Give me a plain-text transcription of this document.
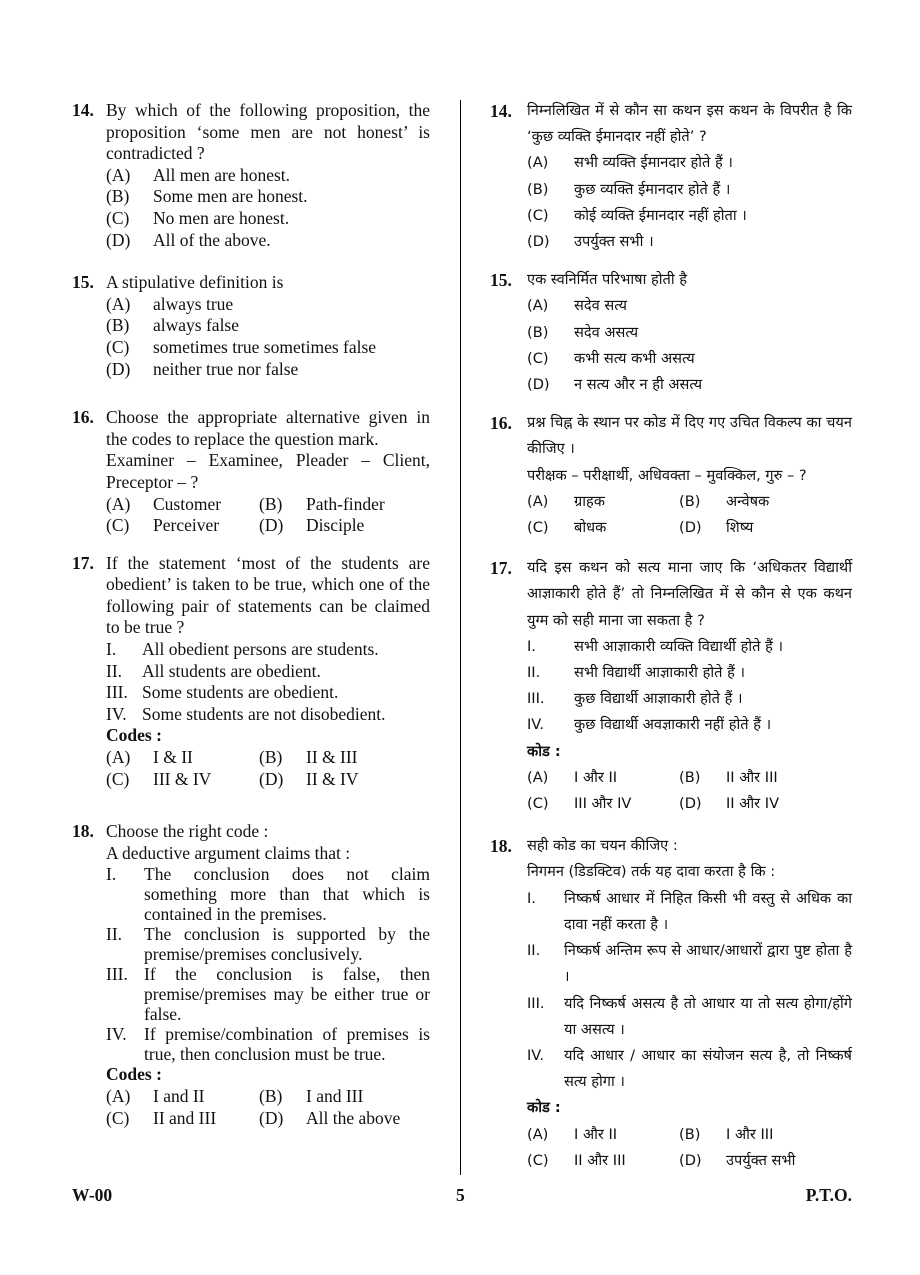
14. By which of the following proposition, the proposition ‘some men are not honest’ is contradicted ?
(A)	All men are honest.
(B)	Some men are honest.
(C)	No men are honest.
(D)	All of the above.
15. A stipulative definition is
(A)	always true
(B)	always false
(C)	sometimes true sometimes false
(D)	neither true nor false
16. Choose the appropriate alternative given in the codes to replace the question mark.
Examiner – Examinee, Pleader – Client, Preceptor – ?
(A)	Customer (B)	Path-finder
(C)	Perceiver (D)	Disciple
17. If the statement ‘most of the students are obedient’ is taken to be true, which one of the following pair of statements can be claimed to be true ?
I.	All obedient persons are students.
II.	All students are obedient.
III. Some students are obedient.
IV. Some students are not disobedient.
Codes :
(A)	I & II	(B)	II & III
(C)	III & IV	(D)	II & IV
18. Choose the right code :
A deductive argument claims that :
I.	The conclusion does not claim something more than that which is contained in the premises.
II.	The conclusion is supported by the premise/premises conclusively.
III. If the conclusion is false, then premise/premises may be either true or false.
IV. If premise/combination of premises is true, then conclusion must be true.
Codes :
(A)	I and II	(B)	I and III
(C)	II and III (D)	All the above
14.	निम्नलिखित में से कौन सा कथन इस कथन के विपरीत है कि ‘कुछ व्यक्ति ईमानदार नहीं होते’ ?
(A)	सभी व्यक्ति ईमानदार होते हैं ।
(B)	कुछ व्यक्ति ईमानदार होते हैं ।
(C)	कोई व्यक्ति ईमानदार नहीं होता ।
(D)	उपर्युक्त सभी ।
15.	एक स्वनिर्मित परिभाषा होती है
(A)	सदेव सत्य
(B)	सदेव असत्य
(C)	कभी सत्य कभी असत्य
(D)	न सत्य और न ही असत्य
16.	प्रश्न चिह्न के स्थान पर कोड में दिए गए उचित विकल्प का चयन कीजिए ।
परीक्षक – परीक्षार्थी, अधिवक्ता – मुवक्किल, गुरु – ?
(A)	ग्राहक	(B)	अन्वेषक
(C)	बोधक	(D)	शिष्य
17.	यदि इस कथन को सत्य माना जाए कि ‘अधिकतर विद्यार्थी आज्ञाकारी होते हैं’ तो निम्नलिखित में से कौन से एक कथन युग्म को सही माना जा सकता है ?
I.	सभी आज्ञाकारी व्यक्ति विद्यार्थी होते हैं ।
II.	सभी विद्यार्थी आज्ञाकारी होते हैं ।
III.	कुछ विद्यार्थी आज्ञाकारी होते हैं ।
IV.	कुछ विद्यार्थी अवज्ञाकारी नहीं होते हैं ।
कोड :
(A)	I और II	(B)	II और III
(C)	III और IV	(D)	II और IV
18.	सही कोड का चयन कीजिए :
निगमन (डिडक्टिव) तर्क यह दावा करता है कि :
I.	निष्कर्ष आधार में निहित किसी भी वस्तु से अधिक का दावा नहीं करता है ।
II.	निष्कर्ष अन्तिम रूप से आधार/आधारों द्वारा पुष्ट होता है ।
III.	यदि निष्कर्ष असत्य है तो आधार या तो सत्य होगा/होंगे या असत्य ।
IV.	यदि आधार / आधार का संयोजन सत्य है, तो निष्कर्ष सत्य होगा ।
कोड :
(A)	I और II	(B)	I और III
(C)	II और III	(D)	उपर्युक्त सभी
W-00	5	P.T.O.
